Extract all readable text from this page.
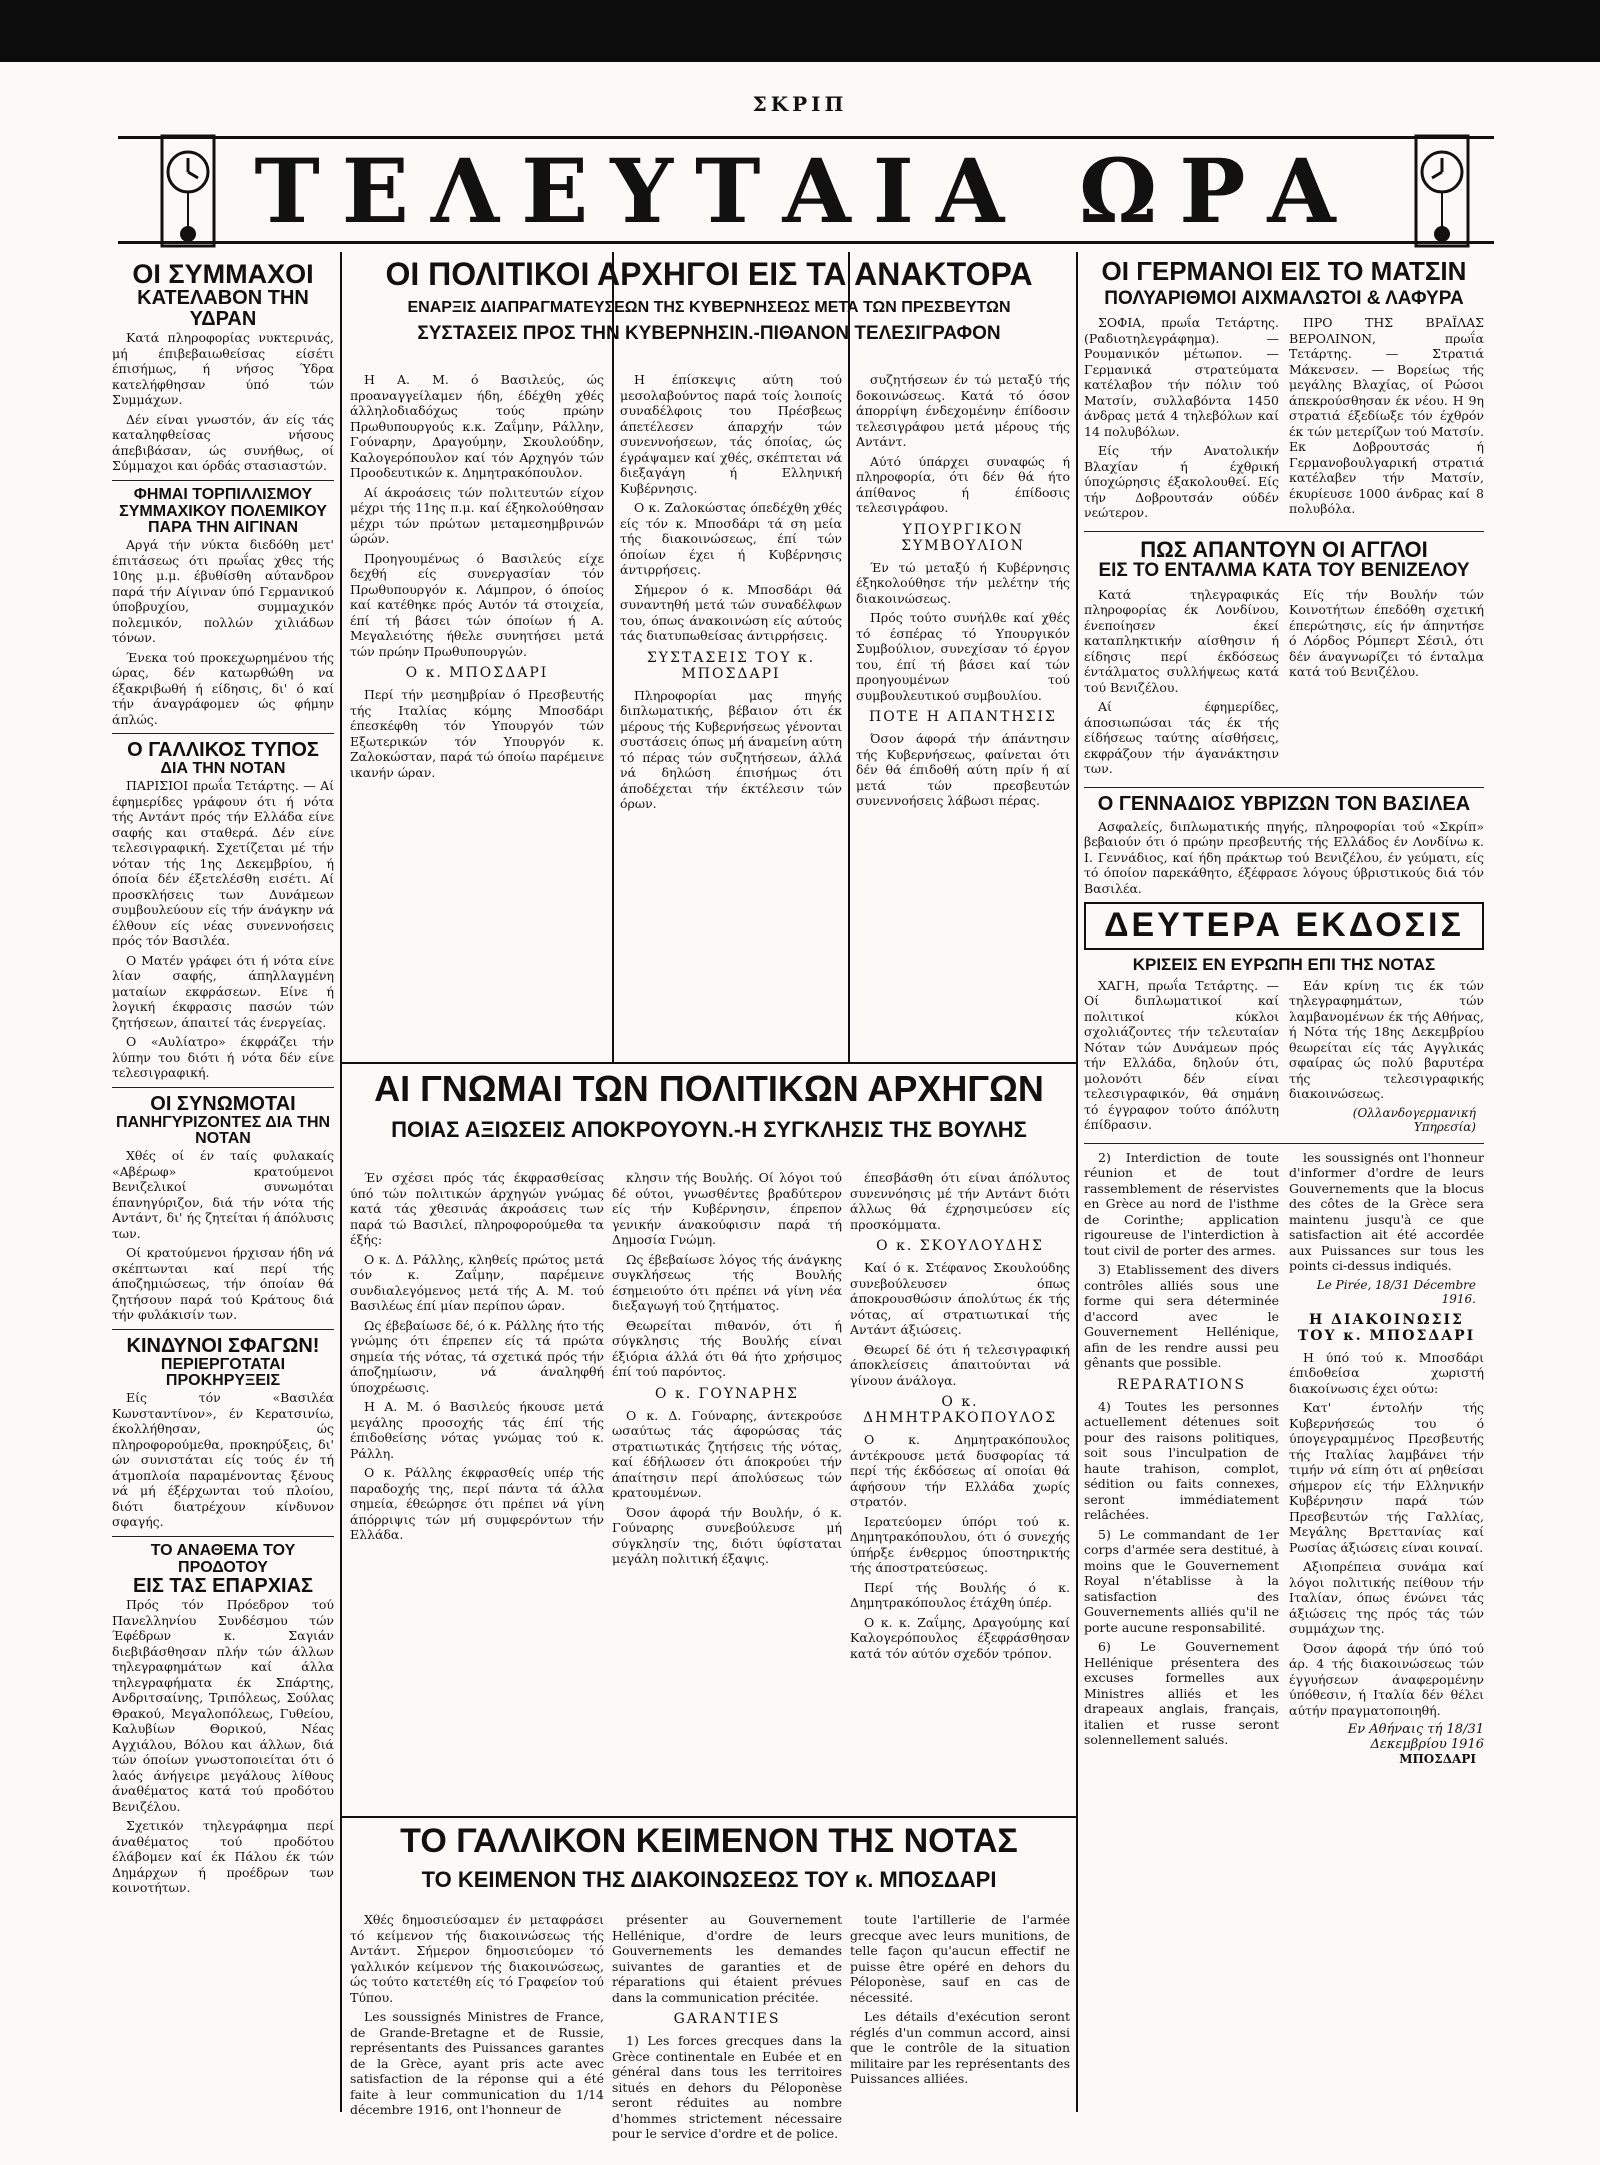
ΣΚΡΙΠ
ΤΕΛΕΥΤΑΙΑ ΩΡΑ
ΟΙ ΣΥΜΜΑΧΟΙ
ΚΑΤΕΛΑΒΟΝ ΤΗΝ ΥΔΡΑΝ

Κατά πληροφορίας νυκτερινάς, μή έπιβεβαιωθείσας είσέτι έπισήμως, ή νήσος Ύδρα κατελήφθησαν ύπό τών Συμμάχων.

Δέν είναι γνωστόν, άν είς τάς καταληφθείσας νήσους άπεβιβάσαν, ώς συνήθως, οί Σύμμαχοι και όρδάς στασιαστών.

ΦΗΜΑΙ ΤΟΡΠΙΛΛΙΣΜΟΥ
ΣΥΜΜΑΧΙΚΟΥ ΠΟΛΕΜΙΚΟΥ
ΠΑΡΑ ΤΗΝ ΑΙΓΙΝΑΝ

Αργά τήν νύκτα διεδόθη μετ' έπιτάσεως ότι πρωΐας χθες τής 10ης μ.μ. έβυθίσθη αύτανδρον παρά τήν Αίγιναν ύπό Γερμανικού ύποβρυχίου, συμμαχικόν πολεμικόν, πολλών χιλιάδων τόνων.

Ένεκα τού προκεχωρημένου τής ώρας, δέν κατωρθώθη να έξακριβωθή ή είδησις, δι' ό καί τήν άναγράφομεν ώς φήμην άπλώς.

Ο ΓΑΛΛΙΚΟΣ ΤΥΠΟΣ
ΔΙΑ ΤΗΝ ΝΟΤΑΝ

ΠΑΡΙΣΙΟΙ πρωΐα Τετάρτης. — Αί έφημερίδες γράφουν ότι ή νότα τής Αντάντ πρός τήν Ελλάδα είνε σαφής και σταθερά. Δέν είνε τελεσιγραφική. Σχετίζεται μέ τήν νόταν τής 1ης Δεκεμβρίου, ή όποία δέν έξετελέσθη εισέτι. Αί προσκλήσεις των Δυνάμεων συμβουλεύουν είς τήν άνάγκην νά έλθουν είς νέας συνεννοήσεις πρός τόν Βασιλέα.

Ο Ματέν γράφει ότι ή νότα είνε λίαν σαφής, άπηλλαγμένη ματαίων εκφράσεων. Είνε ή λογική έκφρασις πασών τών ζητήσεων, άπαιτεί τάς ένεργείας.

Ο «Αυλίατρο» έκφράζει τήν λύπην του διότι ή νότα δέν είνε τελεσιγραφική.

ΟΙ ΣΥΝΩΜΟΤΑΙ
ΠΑΝΗΓΥΡΙΖΟΝΤΕΣ ΔΙΑ ΤΗΝ ΝΟΤΑΝ

Χθές οί έν ταίς φυλακαίς «Αβέρωφ» κρατούμενοι Βενιζελικοί συνωμόται έπανηγύριζον, διά τήν νότα τής Αντάντ, δι' ής ζητείται ή άπόλυσις των.

Οί κρατούμενοι ήρχισαν ήδη νά σκέπτωνται καί περί τής άποζημιώσεως, τήν όποίαν θά ζητήσουν παρά τού Κράτους διά τήν φυλάκισίν των.

ΚΙΝΔΥΝΟΙ ΣΦΑΓΩΝ!
ΠΕΡΙΕΡΓΟΤΑΤΑΙ ΠΡΟΚΗΡΥΞΕΙΣ

Είς τόν «Βασιλέα Κωνσταντίνον», έν Κερατσινίω, έκολλήθησαν, ώς πληροφορούμεθα, προκηρύξεις, δι' ών συνιστάται είς τούς έν τή άτμοπλοία παραμένοντας ξένους νά μή έξέρχωνται τού πλοίου, διότι διατρέχουν κίνδυνον σφαγής.

ΤΟ ΑΝΑΘΕΜΑ ΤΟΥ ΠΡΟΔΟΤΟΥ
ΕΙΣ ΤΑΣ ΕΠΑΡΧΙΑΣ

Πρός τόν Πρόεδρον τού Πανελληνίου Συνδέσμου τών Έφέδρων κ. Σαγιάν διεβιβάσθησαν πλήν τών άλλων τηλεγραφημάτων καί άλλα τηλεγραφήματα έκ Σπάρτης, Ανδριτσαίνης, Τριπόλεως, Σούλας Θρακού, Μεγαλοπόλεως, Γυθείου, Καλυβίων Θορικού, Νέας Αγχιάλου, Βόλου και άλλων, διά τών όποίων γνωστοποιείται ότι ό λαός άνήγειρε μεγάλους λίθους άναθέματος κατά τού προδότου Βενιζέλου.

Σχετικόν τηλεγράφημα περί άναθέματος τού προδότου έλάβομεν καί έκ Πάλου έκ τών Δημάρχων ή προέδρων των κοινοτήτων.

ΟΙ ΠΟΛΙΤΙΚΟΙ ΑΡΧΗΓΟΙ ΕΙΣ ΤΑ ΑΝΑΚΤΟΡΑ
ΕΝΑΡΞΙΣ ΔΙΑΠΡΑΓΜΑΤΕΥΣΕΩΝ ΤΗΣ ΚΥΒΕΡΝΗΣΕΩΣ ΜΕΤΑ ΤΩΝ ΠΡΕΣΒΕΥΤΩΝ
ΣΥΣΤΑΣΕΙΣ ΠΡΟΣ ΤΗΝ ΚΥΒΕΡΝΗΣΙΝ.-ΠΙΘΑΝΟΝ ΤΕΛΕΣΙΓΡΑΦΟΝ

Η Α. Μ. ό Βασιλεύς, ώς προαναγγείλαμεν ήδη, έδέχθη χθές άλληλοδιαδόχως τούς πρώην Πρωθυπουργούς κ.κ. Ζαΐμην, Ράλλην, Γούναρην, Δραγούμην, Σκουλούδην, Καλογερόπουλον καί τόν Αρχηγόν τών Προοδευτικών κ. Δημητρακόπουλον.

Αί άκροάσεις τών πολιτευτών είχον μέχρι τής 11ης π.μ. καί έξηκολούθησαν μέχρι τών πρώτων μεταμεσημβρινών ώρών.

Προηγουμένως ό Βασιλεύς είχε δεχθή είς συνεργασίαν τόν Πρωθυπουργόν κ. Λάμπρον, ό όποίος καί κατέθηκε πρός Αυτόν τά στοιχεία, έπί τή βάσει τών όποίων ή Α. Μεγαλειότης ήθελε συνητήσει μετά τών πρώην Πρωθυπουργών.

Ο κ. ΜΠΟΣΔΑΡΙ

Περί τήν μεσημβρίαν ό Πρεσβευτής τής Ιταλίας κόμης Μποσδάρι έπεσκέφθη τόν Υπουργόν τών Εξωτερικών τόν Υπουργόν κ. Ζαλοκώσταν, παρά τώ όποίω παρέμεινε ικανήν ώραν.

Η έπίσκεψις αύτη τού μεσολαβούντος παρά τοίς λοιποίς συναδέλφοις του Πρέσβεως άπετέλεσεν άπαρχήν τών συνεννοήσεων, τάς όποίας, ώς έγράψαμεν καί χθές, σκέπτεται νά διεξαγάγη ή Ελληνική Κυβέρνησις.

Ο κ. Ζαλοκώστας όπεδέχθη χθές είς τόν κ. Μποσδάρι τά ση μεία τής διακοινώσεως, έπί τών όποίων έχει ή Κυβέρνησις άντιρρήσεις.

Σήμερον ό κ. Μποσδάρι θά συναντηθή μετά τών συναδέλφων του, όπως άνακοινώση είς αύτούς τάς διατυπωθείσας άντιρρήσεις.

ΣΥΣΤΑΣΕΙΣ ΤΟΥ κ. ΜΠΟΣΔΑΡΙ

Πληροφορίαι μας πηγής διπλωματικής, βέβαιον ότι έκ μέρους τής Κυβερνήσεως γένονται συστάσεις όπως μή άναμείνη αύτη τό πέρας τών συζητήσεων, άλλά νά δηλώση έπισήμως ότι άποδέχεται τήν έκτέλεσιν τών όρων.

συζητήσεων έν τώ μεταξύ τής δοκοινώσεως. Κατά τό όσον άπορρίψη ένδεχομένην έπίδοσιν τελεσιγράφου μετά μέρους τής Αντάντ.

Αύτό ύπάρχει συναφώς ή πληροφορία, ότι δέν θά ήτο άπίθανος ή έπίδοσις τελεσιγράφου.

ΥΠΟΥΡΓΙΚΟΝ ΣΥΜΒΟΥΛΙΟΝ

Έν τώ μεταξύ ή Κυβέρνησις έξηκολούθησε τήν μελέτην τής διακοινώσεως.

Πρός τούτο συνήλθε καί χθές τό έσπέρας τό Υπουργικόν Συμβούλιον, συνεχίσαν τό έργον του, έπί τή βάσει καί τών προηγουμένων τού συμβουλευτικού συμβουλίου.

ΠΟΤΕ Η ΑΠΑΝΤΗΣΙΣ

Όσον άφορά τήν άπάντησιν τής Κυβερνήσεως, φαίνεται ότι δέν θά έπιδοθή αύτη πρίν ή αί μετά τών πρεσβευτών συνεννοήσεις λάβωσι πέρας.

ΑΙ ΓΝΩΜΑΙ ΤΩΝ ΠΟΛΙΤΙΚΩΝ ΑΡΧΗΓΩΝ
ΠΟΙΑΣ ΑΞΙΩΣΕΙΣ ΑΠΟΚΡΟΥΟΥΝ.-Η ΣΥΓΚΛΗΣΙΣ ΤΗΣ ΒΟΥΛΗΣ

Έν σχέσει πρός τάς έκφρασθείσας ύπό τών πολιτικών άρχηγών γνώμας κατά τάς χθεσινάς άκροάσεις των παρά τώ Βασιλεί, πληροφορούμεθα τα έξής:

Ο κ. Δ. Ράλλης, κληθείς πρώτος μετά τόν κ. Ζαΐμην, παρέμεινε συνδιαλεγόμενος μετά τής Α. Μ. τού Βασιλέως έπί μίαν περίπου ώραν.

Ως έβεβαίωσε δέ, ό κ. Ράλλης ήτο τής γνώμης ότι έπρεπεν είς τά πρώτα σημεία τής νότας, τά σχετικά πρός τήν άποζημίωσιν, νά άναληφθή ύποχρέωσις.

Η Α. Μ. ό Βασιλεύς ήκουσε μετά μεγάλης προσοχής τάς έπί τής έπιδοθείσης νότας γνώμας τού κ. Ράλλη.

Ο κ. Ράλλης έκφρασθείς υπέρ τής παραδοχής της, περί πάντα τά άλλα σημεία, έθεώρησε ότι πρέπει νά γίνη άπόρριψις τών μή συμφερόντων τήν Ελλάδα.

κλησιν τής Βουλής. Οί λόγοι τού δέ ούτοι, γνωσθέντες βραδύτερον είς τήν Κυβέρνησιν, έπρεπον γενικήν άνακούφισιν παρά τή Δημοσία Γνώμη.

Ως έβεβαίωσε λόγος τής άνάγκης συγκλήσεως τής Βουλής έσημειούτο ότι πρέπει νά γίνη νέα διεξαγωγή τού ζητήματος.

Θεωρείται πιθανόν, ότι ή σύγκλησις τής Βουλής είναι έξιόρια άλλά ότι θά ήτο χρήσιμος έπί τού παρόντος.

Ο κ. ΓΟΥΝΑΡΗΣ

Ο κ. Δ. Γούναρης, άντεκρούσε ωσαύτως τάς άφορώσας τάς στρατιωτικάς ζητήσεις τής νότας, καί έδήλωσεν ότι άποκρούει τήν άπαίτησιν περί άπολύσεως τών κρατουμένων.

Όσον άφορά τήν Βουλήν, ό κ. Γούναρης συνεβούλευσε μή σύγκλησίν της, διότι ύφίσταται μεγάλη πολιτική έξαψις.

έπεσβάσθη ότι είναι άπόλυτος συνεννόησις μέ τήν Αντάντ διότι άλλως θά έχρησιμεύσεν είς προσκόμματα.

Ο κ. ΣΚΟΥΛΟΥΔΗΣ

Καί ό κ. Στέφανος Σκουλούδης συνεβούλευσεν όπως άποκρουσθώσιν άπολύτως έκ τής νότας, αί στρατιωτικαί τής Αντάντ άξιώσεις.

Θεωρεί δέ ότι ή τελεσιγραφική άποκλείσεις άπαιτούνται νά γίνουν άνάλογα.

Ο κ. ΔΗΜΗΤΡΑΚΟΠΟΥΛΟΣ

Ο κ. Δημητρακόπουλος άντέκρουσε μετά δυσφορίας τά περί τής έκδόσεως αί οποίαι θά άφήσουν τήν Ελλάδα χωρίς στρατόν.

Ιερατεύομεν ύπόρι τού κ. Δημητρακόπουλου, ότι ό συνεχής ύπήρξε ένθερμος ύποστηρικτής τής άποστρατεύσεως.

Περί τής Βουλής ό κ. Δημητρακόπουλος έτάχθη ύπέρ.

Ο κ. κ. Ζαΐμης, Δραγούμης καί Καλογερόπουλος έξεφράσθησαν κατά τόν αύτόν σχεδόν τρόπον.

ΤΟ ΓΑΛΛΙΚΟΝ ΚΕΙΜΕΝΟΝ ΤΗΣ ΝΟΤΑΣ
ΤΟ ΚΕΙΜΕΝΟΝ ΤΗΣ ΔΙΑΚΟΙΝΩΣΕΩΣ ΤΟΥ κ. ΜΠΟΣΔΑΡΙ

Χθές δημοσιεύσαμεν έν μεταφράσει τό κείμενον τής διακοινώσεως τής Αντάντ. Σήμερον δημοσιεύομεν τό γαλλικόν κείμενον τής διακοινώσεως, ώς τούτο κατετέθη είς τό Γραφείον τού Τύπου.

Les soussignés Ministres de France, de Grande-Bretagne et de Russie, représentants des Puissances garantes de la Grèce, ayant pris acte avec satisfaction de la réponse qui a été faite à leur communication du 1/14 décembre 1916, ont l'honneur de

présenter au Gouvernement Hellénique, d'ordre de leurs Gouvernements les demandes suivantes de garanties et de réparations qui étaient prévues dans la communication précitée.

GARANTIES

1) Les forces grecques dans la Grèce continentale en Eubée et en général dans tous les territoires situés en dehors du Péloponèse seront réduites au nombre d'hommes strictement nécessaire pour le service d'ordre et de police.

toute l'artillerie de l'armée grecque avec leurs munitions, de telle façon qu'aucun effectif ne puisse être opéré en dehors du Péloponèse, sauf en cas de nécessité.

Les détails d'exécution seront réglés d'un commun accord, ainsi que le contrôle de la situation militaire par les représentants des Puissances alliées.

ΟΙ ΓΕΡΜΑΝΟΙ ΕΙΣ ΤΟ ΜΑΤΣΙΝ
ΠΟΛΥΑΡΙΘΜΟΙ ΑΙΧΜΑΛΩΤΟΙ & ΛΑΦΥΡΑ

ΣΟΦΙΑ, πρωΐα Τετάρτης. (Ραδιοτηλεγράφημα). — Ρουμανικόν μέτωπον. — Γερμανικά στρατεύματα κατέλαβον τήν πόλιν τού Ματσίν, συλλαβόντα 1450 άνδρας μετά 4 τηλεβόλων καί 14 πολυβόλων.

Είς τήν Ανατολικήν Βλαχίαν ή έχθρική ύποχώρησις έξακολουθεί. Είς τήν Δοβρουτσάν ούδέν νεώτερον.

ΠΡΟ ΤΗΣ ΒΡΑΪΛΑΣ ΒΕΡΟΛΙΝΟΝ, πρωΐα Τετάρτης. — Στρατιά Μάκενσεν. — Βορείως τής μεγάλης Βλαχίας, οί Ρώσοι άπεκρούσθησαν έκ νέου. Η 9η στρατιά έξεδίωξε τόν έχθρόν έκ τών μετερίζων τού Ματσίν. Εκ Δοβρουτσάς ή Γερμανοβουλγαρική στρατιά κατέλαβεν τήν Ματσίν, έκυρίευσε 1000 άνδρας καί 8 πολυβόλα.

ΠΩΣ ΑΠΑΝΤΟΥΝ ΟΙ ΑΓΓΛΟΙ
ΕΙΣ ΤΟ ΕΝΤΑΛΜΑ ΚΑΤΑ ΤΟΥ ΒΕΝΙΖΕΛΟΥ

Κατά τηλεγραφικάς πληροφορίας έκ Λονδίνου, ένεποίησεν έκεί καταπληκτικήν αίσθησιν ή είδησις περί έκδόσεως έντάλματος συλλήψεως κατά τού Βενιζέλου.

Αί έφημερίδες, άποσιωπώσαι τάς έκ τής είδήσεως ταύτης αίσθήσεις, εκφράζουν τήν άγανάκτησιν των.

Είς τήν Βουλήν τών Κοινοτήτων έπεδόθη σχετική έπερώτησις, είς ήν άπηντήσε ό Λόρδος Ρόμπερτ Σέσιλ, ότι δέν άναγνωρίζει τό ένταλμα κατά τού Βενιζέλου.

Ο ΓΕΝΝΑΔΙΟΣ ΥΒΡΙΖΩΝ ΤΟΝ ΒΑΣΙΛΕΑ

Ασφαλείς, διπλωματικής πηγής, πληροφορίαι τού «Σκρίπ» βεβαιούν ότι ό πρώην πρεσβευτής τής Ελλάδος έν Λονδίνω κ. Ι. Γεννάδιος, καί ήδη πράκτωρ τού Βενιζέλου, έν γεύματι, είς τό όποίον παρεκάθητο, έξέφρασε λόγους ύβριστικούς διά τόν Βασιλέα.

ΔΕΥΤΕΡΑ ΕΚΔΟΣΙΣ
ΚΡΙΣΕΙΣ ΕΝ ΕΥΡΩΠΗ ΕΠΙ ΤΗΣ ΝΟΤΑΣ

ΧΑΓΗ, πρωΐα Τετάρτης. — Οί διπλωματικοί καί πολιτικοί κύκλοι σχολιάζοντες τήν τελευταίαν Νόταν τών Δυνάμεων πρός τήν Ελλάδα, δηλούν ότι, μολονότι δέν είναι τελεσιγραφικόν, θά σημάνη τό έγγραφον τούτο άπόλυτη έπίδρασιν.

Εάν κρίνη τις έκ τών τηλεγραφημάτων, τών λαμβανομένων έκ τής Αθήνας, ή Νότα τής 18ης Δεκεμβρίου θεωρείται είς τάς Αγγλικάς σφαίρας ώς πολύ βαρυτέρα τής τελεσιγραφικής διακοινώσεως.

(Ολλανδογερμανική Υπηρεσία)

2) Interdiction de toute réunion et de tout rassemblement de réservistes en Grèce au nord de l'isthme de Corinthe; application rigoureuse de l'interdiction à tout civil de porter des armes.

3) Etablissement des divers contrôles alliés sous une forme qui sera déterminée d'accord avec le Gouvernement Hellénique, afin de les rendre aussi peu gênants que possible.

REPARATIONS

4) Toutes les personnes actuellement détenues soit pour des raisons politiques, soit sous l'inculpation de haute trahison, complot, sédition ou faits connexes, seront immédiatement relâchées.

5) Le commandant de 1er corps d'armée sera destitué, à moins que le Gouvernement Royal n'établisse à la satisfaction des Gouvernements alliés qu'il ne porte aucune responsabilité.

6) Le Gouvernement Hellénique présentera des excuses formelles aux Ministres alliés et les drapeaux anglais, français, italien et russe seront solennellement salués.

les soussignés ont l'honneur d'informer d'ordre de leurs Gouvernements que la blocus des côtes de la Grèce sera maintenu jusqu'à ce que satisfaction ait été accordée aux Puissances sur tous les points ci-dessus indiqués.

Le Pirée, 18/31 Décembre 1916.
Η ΔΙΑΚΟΙΝΩΣΙΣ ΤΟΥ κ. ΜΠΟΣΔΑΡΙ

Η ύπό τού κ. Μποσδάρι έπιδοθείσα χωριστή διακοίνωσις έχει ούτω:

Κατ' έντολήν τής Κυβερνήσεώς του ό ύπογεγραμμένος Πρεσβευτής τής Ιταλίας λαμβάνει τήν τιμήν νά είπη ότι αί ρηθείσαι σήμερον είς τήν Ελληνικήν Κυβέρνησιν παρά τών Πρεσβευτών τής Γαλλίας, Μεγάλης Βρεττανίας καί Ρωσίας άξιώσεις είναι κοιναί.

Αξιοπρέπεια συνάμα καί λόγοι πολιτικής πείθουν τήν Ιταλίαν, όπως ένώνει τάς άξιώσεις της πρός τάς τών συμμάχων της.

Όσον άφορά τήν ύπό τού άρ. 4 τής διακοινώσεως τών έγγυήσεων άναφερομένην ύπόθεσιν, ή Ιταλία δέν θέλει αύτήν πραγματοποιηθή.

Εν Αθήναις τή 18/31 Δεκεμβρίου 1916
ΜΠΟΣΔΑΡΙ
